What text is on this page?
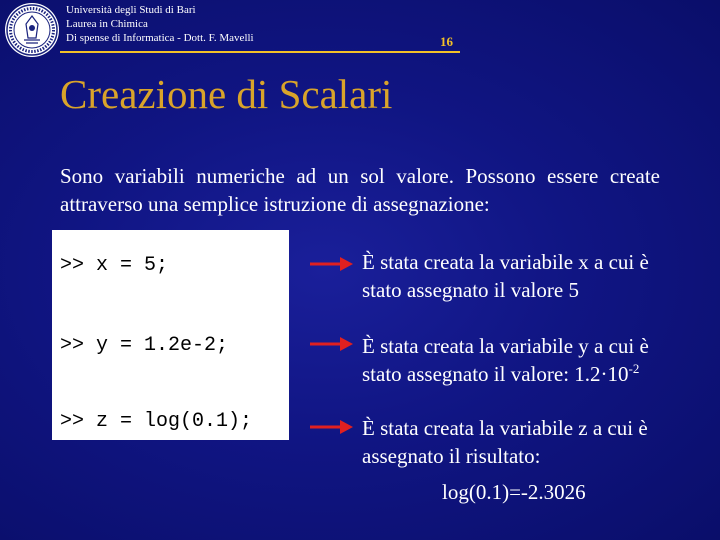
Università degli Studi di Bari
Laurea in Chimica
Di spense di Informatica - Dott. F. Mavelli	16
Creazione di Scalari
Sono variabili numeriche ad un sol valore. Possono essere create attraverso una semplice istruzione di assegnazione:
>> x = 5;
>> y = 1.2e-2;
>> z = log(0.1);
È stata creata la variabile x a cui è
stato assegnato il valore 5
È stata creata la variabile y a cui è
stato assegnato il valore: $1.2\cdot 10^{-2}$
È stata creata la variabile z a cui è
assegnato il risultato:
log(0.1)=-2.3026
